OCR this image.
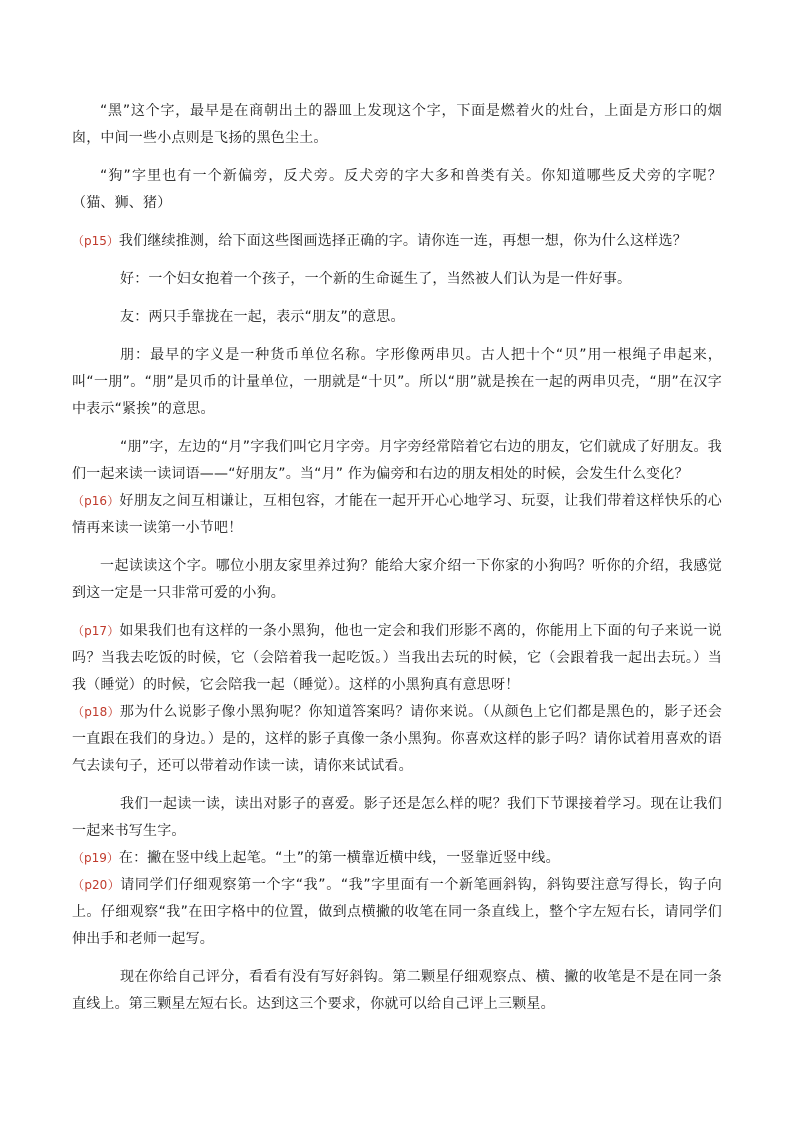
“黑”这个字，最早是在商朝出土的器皿上发现这个字，下面是燃着火的灶台，上面是方形口的烟囱，中间一些小点则是飞扬的黑色尘土。

“狗”字里也有一个新偏旁，反犬旁。反犬旁的字大多和兽类有关。你知道哪些反犬旁的字呢？（猫、狮、猪）

（p15）我们继续推测，给下面这些图画选择正确的字。请你连一连，再想一想，你为什么这样选？

好：一个妇女抱着一个孩子，一个新的生命诞生了，当然被人们认为是一件好事。

友：两只手靠拢在一起，表示“朋友”的意思。

朋：最早的字义是一种货币单位名称。字形像两串贝。古人把十个“贝”用一根绳子串起来，叫“一朋”。“朋”是贝币的计量单位，一朋就是“十贝”。所以“朋”就是挨在一起的两串贝壳，“朋”在汉字中表示“紧挨”的意思。

“朋”字，左边的“月”字我们叫它月字旁。月字旁经常陪着它右边的朋友，它们就成了好朋友。我们一起来读一读词语——“好朋友”。当“月” 作为偏旁和右边的朋友相处的时候，会发生什么变化？

（p16）好朋友之间互相谦让，互相包容，才能在一起开开心心地学习、玩耍，让我们带着这样快乐的心情再来读一读第一小节吧！

一起读读这个字。哪位小朋友家里养过狗？能给大家介绍一下你家的小狗吗？听你的介绍，我感觉到这一定是一只非常可爱的小狗。

（p17）如果我们也有这样的一条小黑狗，他也一定会和我们形影不离的，你能用上下面的句子来说一说吗？当我去吃饭的时候，它（会陪着我一起吃饭。）当我出去玩的时候，它（会跟着我一起出去玩。）当我（睡觉）的时候，它会陪我一起（睡觉）。这样的小黑狗真有意思呀！

（p18）那为什么说影子像小黑狗呢？你知道答案吗？请你来说。（从颜色上它们都是黑色的，影子还会一直跟在我们的身边。）是的，这样的影子真像一条小黑狗。你喜欢这样的影子吗？请你试着用喜欢的语气去读句子，还可以带着动作读一读，请你来试试看。

我们一起读一读，读出对影子的喜爱。影子还是怎么样的呢？我们下节课接着学习。现在让我们一起来书写生字。

（p19）在：撇在竖中线上起笔。“土”的第一横靠近横中线，一竖靠近竖中线。

（p20）请同学们仔细观察第一个字“我”。“我”字里面有一个新笔画斜钩，斜钩要注意写得长，钩子向上。仔细观察“我”在田字格中的位置，做到点横撇的收笔在同一条直线上，整个字左短右长，请同学们伸出手和老师一起写。

现在你给自己评分，看看有没有写好斜钩。第二颗星仔细观察点、横、撇的收笔是不是在同一条直线上。第三颗星左短右长。达到这三个要求，你就可以给自己评上三颗星。
